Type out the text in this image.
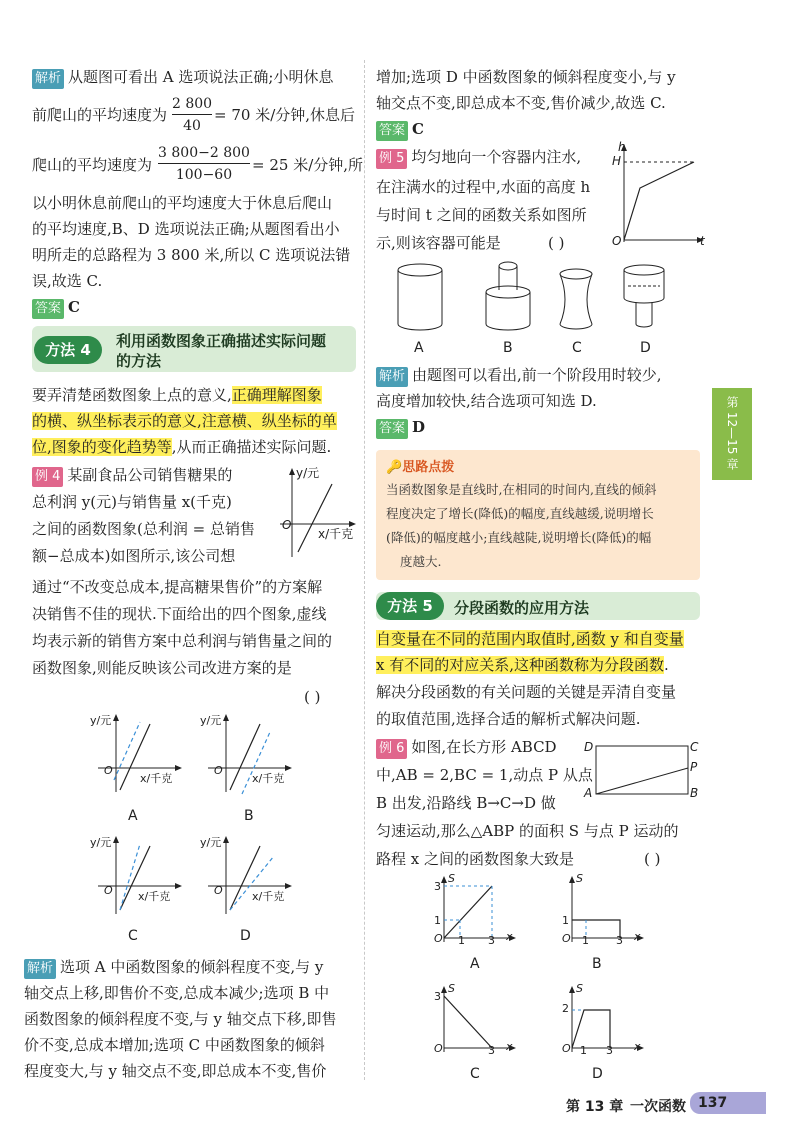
解析 从题图可看出 A 选项说法正确;小明休息
前爬山的平均速度为
2 800
40
= 70 米/分钟,休息后
爬山的平均速度为
3 800−2 800
100−60
= 25 米/分钟,所
以小明休息前爬山的平均速度大于休息后爬山
的平均速度,B、D 选项说法正确;从题图看出小
明所走的总路程为 3 800 米,所以 C 选项说法错
误,故选 C.
答案 C
方法 4	利用函数图象正确描述实际问题
的方法
要弄清楚函数图象上点的意义,正确理解图象
的横、纵坐标表示的意义,注意横、纵坐标的单
位,图象的变化趋势等,从而正确描述实际问题.
例 4 某副食品公司销售糖果的
总利润 y(元)与销售量 x(千克)
之间的函数图象(总利润 = 总销售
额−总成本)如图所示,该公司想
y/元
O
x/千克
通过“不改变总成本,提高糖果售价”的方案解
决销售不佳的现状.下面给出的四个图象,虚线
均表示新的销售方案中总利润与销售量之间的
函数图象,则能反映该公司改进方案的是
( )
y/元
O
x/千克
y/元
O
x/千克
y/元
O x/千克
y/元
O	x/千克
A	B
C	D
解析 选项 A 中函数图象的倾斜程度不变,与 y
轴交点上移,即售价不变,总成本减少;选项 B 中
函数图象的倾斜程度不变,与 y 轴交点下移,即售
价不变,总成本增加;选项 C 中函数图象的倾斜
程度变大,与 y 轴交点不变,即总成本不变,售价
增加;选项 D 中函数图象的倾斜程度变小,与 y
轴交点不变,即总成本不变,售价减少,故选 C.
答案 C
例 5 均匀地向一个容器内注水,
在注满水的过程中,水面的高度 h
与时间 t 之间的函数关系如图所
示,则该容器可能是	( )
h
H
O	t
A	B	C	D
解析 由题图可以看出,前一个阶段用时较少,
高度增加较快,结合选项可知选 D.
答案 D
🔑思路点拨
当函数图象是直线时,在相同的时间内,直线的倾斜
程度决定了增长(降低)的幅度,直线越缓,说明增长
(降低)的幅度越小;直线越陡,说明增长(降低)的幅
度越大.
方法 5	分段函数的应用方法
自变量在不同的范围内取值时,函数 y 和自变量
x 有不同的对应关系,这种函数称为分段函数.
解决分段函数的有关问题的关键是弄清自变量
的取值范围,选择合适的解析式解决问题.
例 6 如图,在长方形 ABCD
中,AB = 2,BC = 1,动点 P 从点
B 出发,沿路线 B→C→D 做
匀速运动,那么△ABP 的面积 S 与点 P 运动的
路程 x 之间的函数图象大致是	( )
D	C
P
A	B
S
3
1
O 1 3 x
S
1
O 1 3 x
S
3
O	3 x
S
2
O 1 3 x
A	B
C	D
第 12—15 章
第 13 章 一次函数 137
